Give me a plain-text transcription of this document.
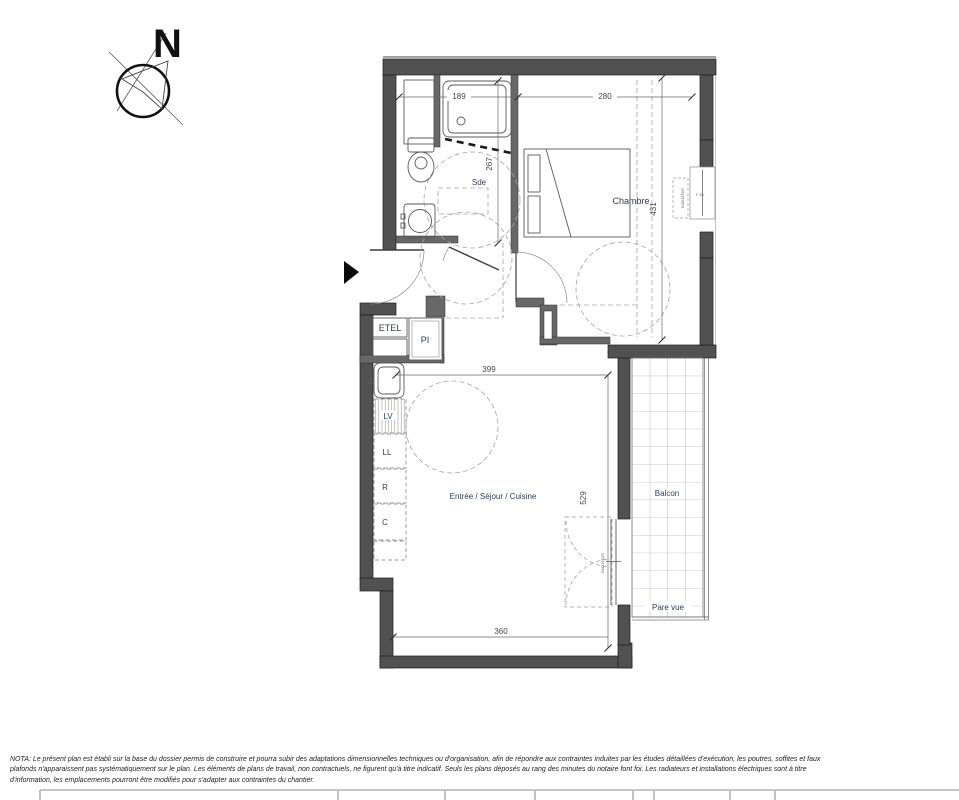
N
RADIATEUR
F AV
RADIATEUR
Balcon
Pare vue
ETEL
PI
LV
LL
R
C
Sde
Chambre
Entrée / Séjour / Cuisine
189	280
267
431
399
529
360
NOTA: Le présent plan est établi sur la base du dossier permis de construire et pourra subir des adaptations dimensionnelles techniques ou d'organisation, afin de répondre aux contraintes induites par les études détaillées d'exécution, les poutres, soffites et faux
plafonds n'apparaissent pas systématiquement sur le plan. Les éléments de plans de travail, non contractuels, ne figurent qu'à titre indicatif. Seuls les plans déposés au rang des minutes du notaire font foi. Les radiateurs et installations électriques sont à titre
d'information, les emplacements pourront être modifiés pour s'adapter aux contraintes du chantier.
